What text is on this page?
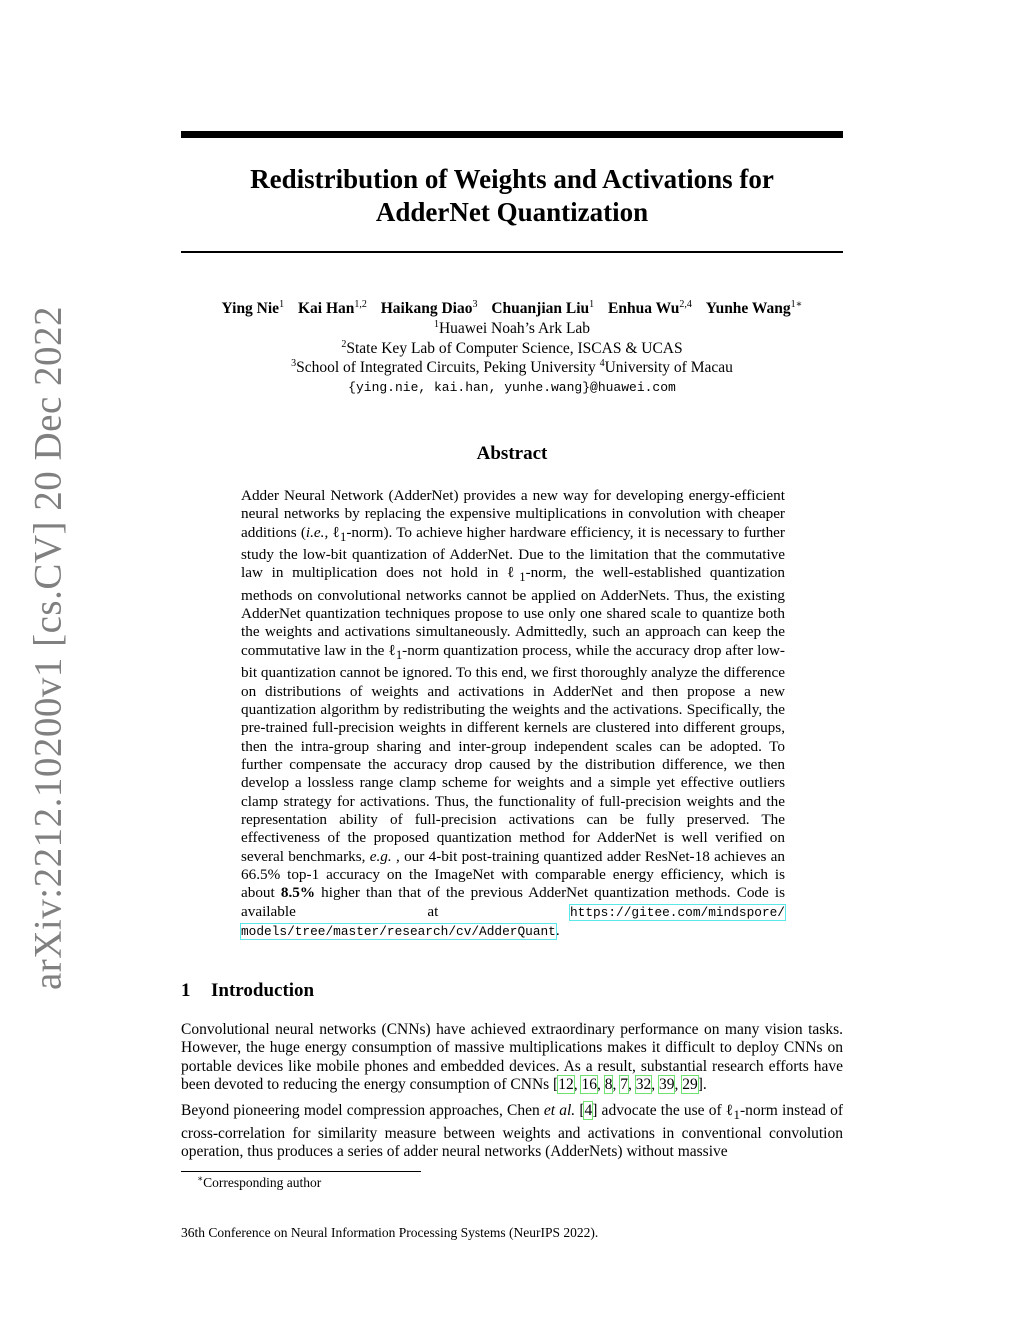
arXiv:2212.10200v1 [cs.CV] 20 Dec 2022
Redistribution of Weights and Activations for
AdderNet Quantization
Ying Nie$^1$ Kai Han$^{1,2}$ Haikang Diao$^3$ Chuanjian Liu$^1$ Enhua Wu$^{2,4}$ Yunhe Wang$^{1∗}$
$^1$Huawei Noah’s Ark Lab
$^2$State Key Lab of Computer Science, ISCAS & UCAS
$^3$School of Integrated Circuits, Peking University $^4$University of Macau
{ying.nie, kai.han, yunhe.wang}@huawei.com
Abstract
Adder Neural Network (AdderNet) provides a new way for developing energy-efficient neural networks by replacing the expensive multiplications in convolution with cheaper additions (i.e., ℓ$_1$-norm). To achieve higher hardware efficiency, it is necessary to further study the low-bit quantization of AdderNet. Due to the limitation that the commutative law in multiplication does not hold in ℓ$_1$-norm, the well-established quantization methods on convolutional networks cannot be applied on AdderNets. Thus, the existing AdderNet quantization techniques propose to use only one shared scale to quantize both the weights and activations simultaneously. Admittedly, such an approach can keep the commutative law in the ℓ$_1$-norm quantization process, while the accuracy drop after low-bit quantization cannot be ignored. To this end, we first thoroughly analyze the difference on distributions of weights and activations in AdderNet and then propose a new quantization algorithm by redistributing the weights and the activations. Specifically, the pre-trained full-precision weights in different kernels are clustered into different groups, then the intra-group sharing and inter-group independent scales can be adopted. To further compensate the accuracy drop caused by the distribution difference, we then develop a lossless range clamp scheme for weights and a simple yet effective outliers clamp strategy for activations. Thus, the functionality of full-precision weights and the representation ability of full-precision activations can be fully preserved. The effectiveness of the proposed quantization method for AdderNet is well verified on several benchmarks, e.g. , our 4-bit post-training quantized adder ResNet-18 achieves an 66.5% top-1 accuracy on the ImageNet with comparable energy efficiency, which is about 8.5% higher than that of the previous AdderNet quantization methods. Code is available at https://gitee.com/mindspore/ models/tree/master/research/cv/AdderQuant.
1 Introduction

Convolutional neural networks (CNNs) have achieved extraordinary performance on many vision tasks. However, the huge energy consumption of massive multiplications makes it difficult to deploy CNNs on portable devices like mobile phones and embedded devices. As a result, substantial research efforts have been devoted to reducing the energy consumption of CNNs [12, 16, 8, 7, 32, 39, 29].

Beyond pioneering model compression approaches, Chen et al. [4] advocate the use of ℓ$_1$-norm instead of cross-correlation for similarity measure between weights and activations in conventional convolution operation, thus produces a series of adder neural networks (AdderNets) without massive

∗Corresponding author
36th Conference on Neural Information Processing Systems (NeurIPS 2022).
